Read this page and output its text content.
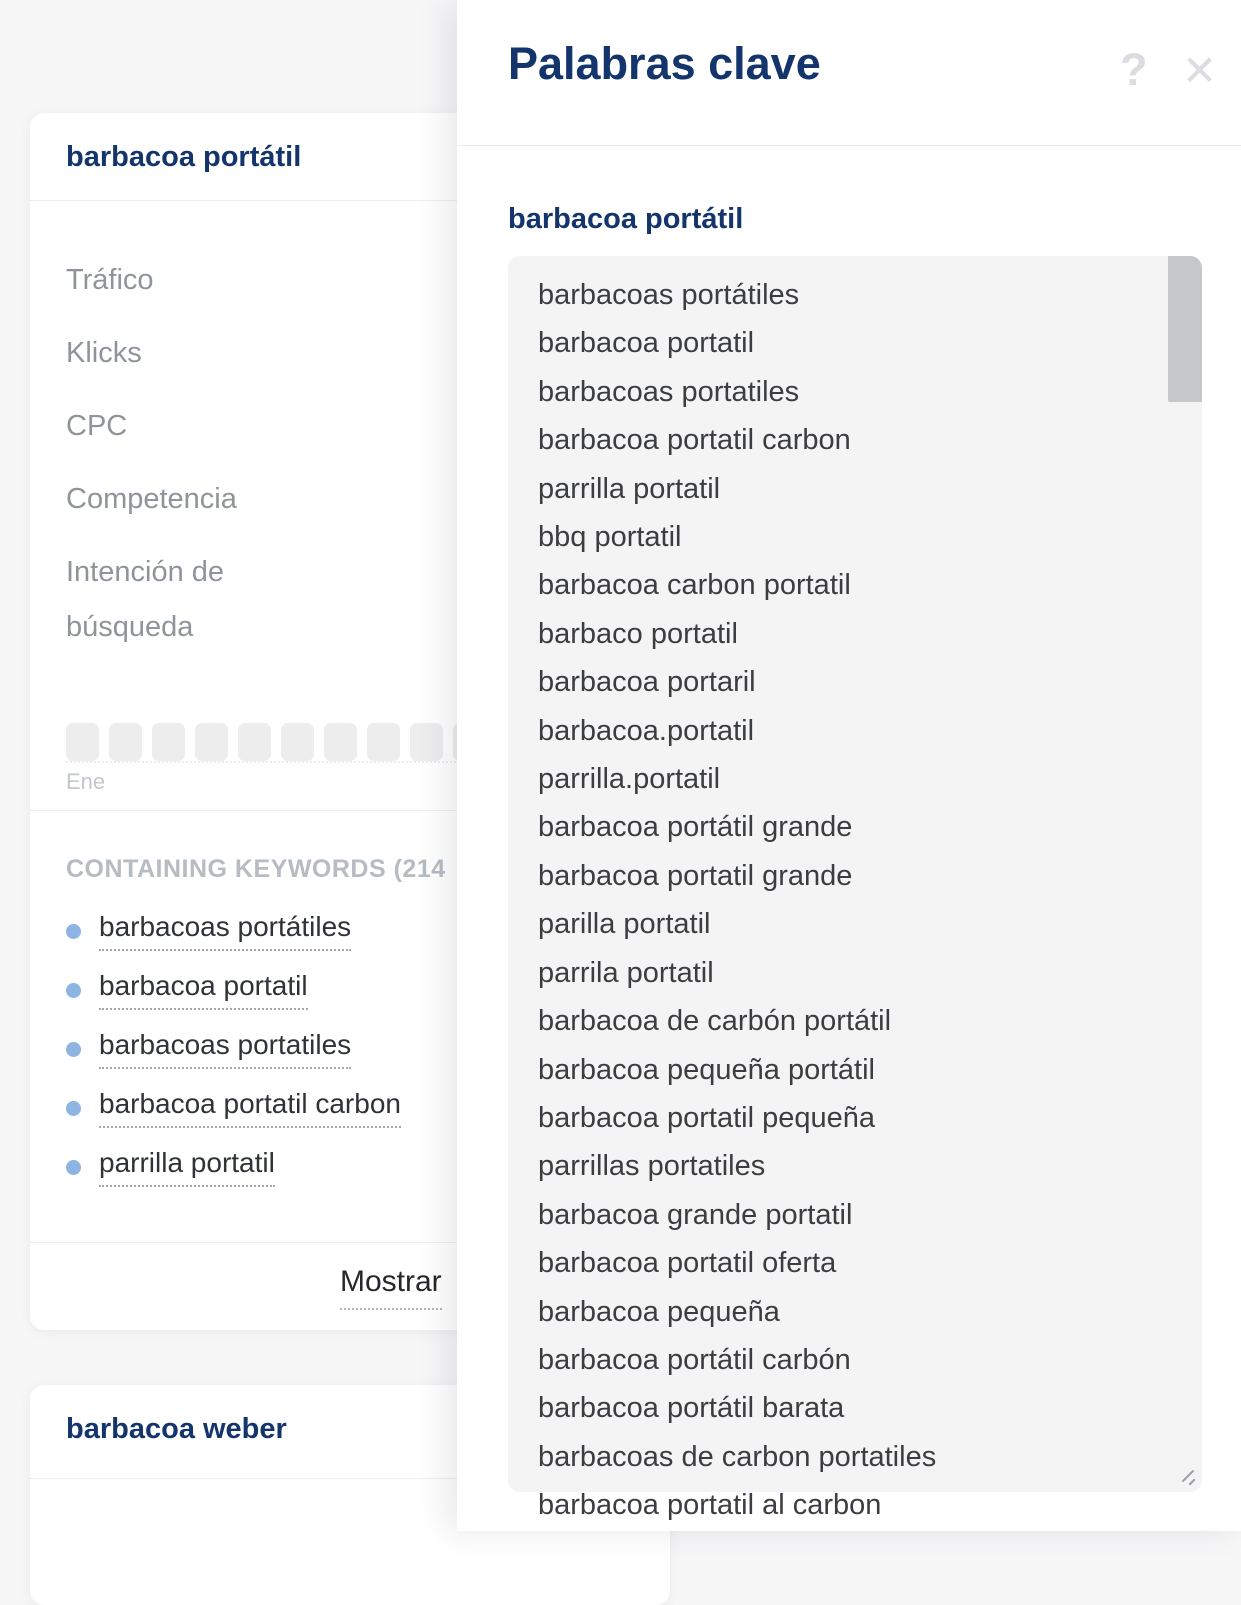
barbacoa portátil
Tráfico
Klicks
CPC
Competencia
Intención de búsqueda
Ene
CONTAINING KEYWORDS (214
barbacoas portátiles
barbacoa portatil
barbacoas portatiles
barbacoa portatil carbon
parrilla portatil
Mostrar
barbacoa weber
Palabras clave	? ✕
barbacoa portátil
barbacoas portátiles
barbacoa portatil
barbacoas portatiles
barbacoa portatil carbon
parrilla portatil
bbq portatil
barbacoa carbon portatil
barbaco portatil
barbacoa portaril
barbacoa.portatil
parrilla.portatil
barbacoa portátil grande
barbacoa portatil grande
parilla portatil
parrila portatil
barbacoa de carbón portátil
barbacoa pequeña portátil
barbacoa portatil pequeña
parrillas portatiles
barbacoa grande portatil
barbacoa portatil oferta
barbacoa pequeña
barbacoa portátil carbón
barbacoa portátil barata
barbacoas de carbon portatiles
barbacoa portatil al carbon
